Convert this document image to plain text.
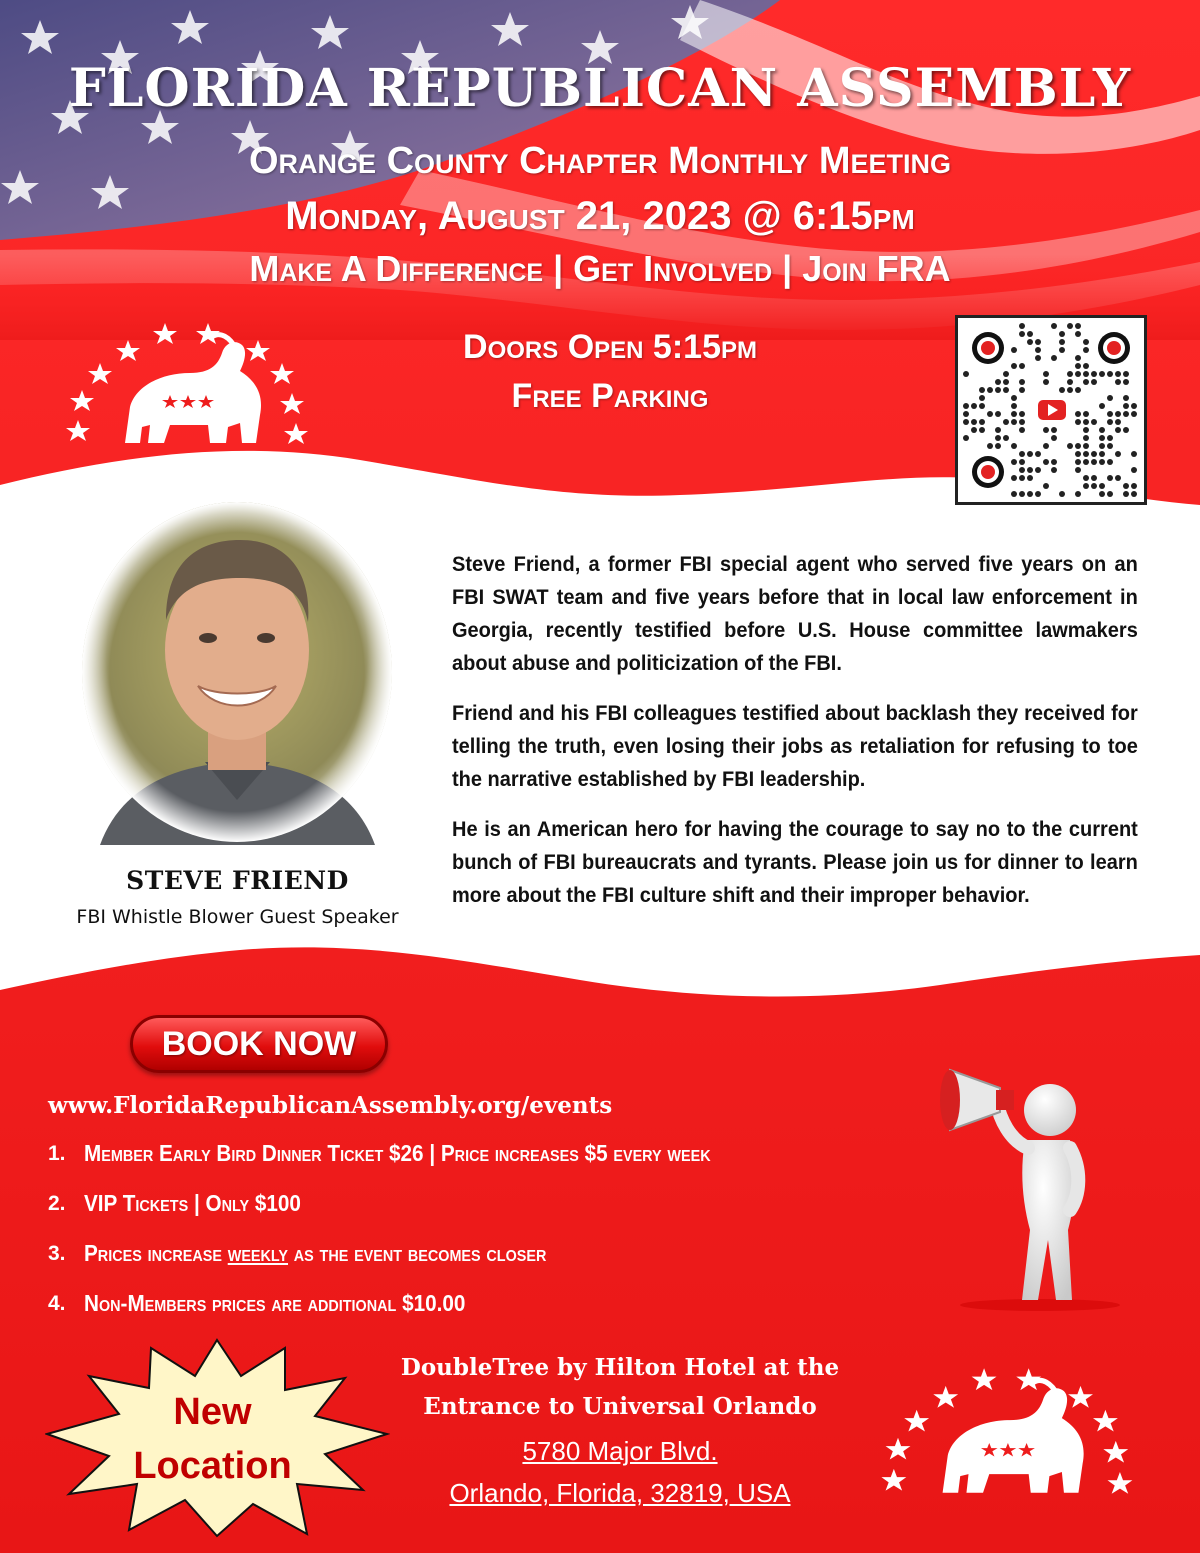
FLORIDA REPUBLICAN ASSEMBLY
Orange County Chapter Monthly Meeting
Monday, August 21, 2023 @ 6:15pm
Make A Difference | Get Involved | Join FRA
Doors Open 5:15pm
Free Parking
STEVE FRIEND
FBI Whistle Blower Guest Speaker

Steve Friend, a former FBI special agent who served five years on an FBI SWAT team and five years before that in local law enforcement in Georgia, recently testified before U.S. House committee lawmakers about abuse and politicization of the FBI.

Friend and his FBI colleagues testified about backlash they received for telling the truth, even losing their jobs as retaliation for refusing to toe the narrative established by FBI leadership.

He is an American hero for having the courage to say no to the current bunch of FBI bureaucrats and tyrants. Please join us for dinner to learn more about the FBI culture shift and their improper behavior.

BOOK NOW
www.FloridaRepublicanAssembly.org/events
1. Member Early Bird Dinner Ticket $26 | Price increases $5 every week
2. VIP Tickets | Only $100
3. Prices increase weekly as the event becomes closer
4. Non-Members prices are additional $10.00
New
Location
DoubleTree by Hilton Hotel at the
Entrance to Universal Orlando
5780 Major Blvd.
Orlando, Florida, 32819, USA
